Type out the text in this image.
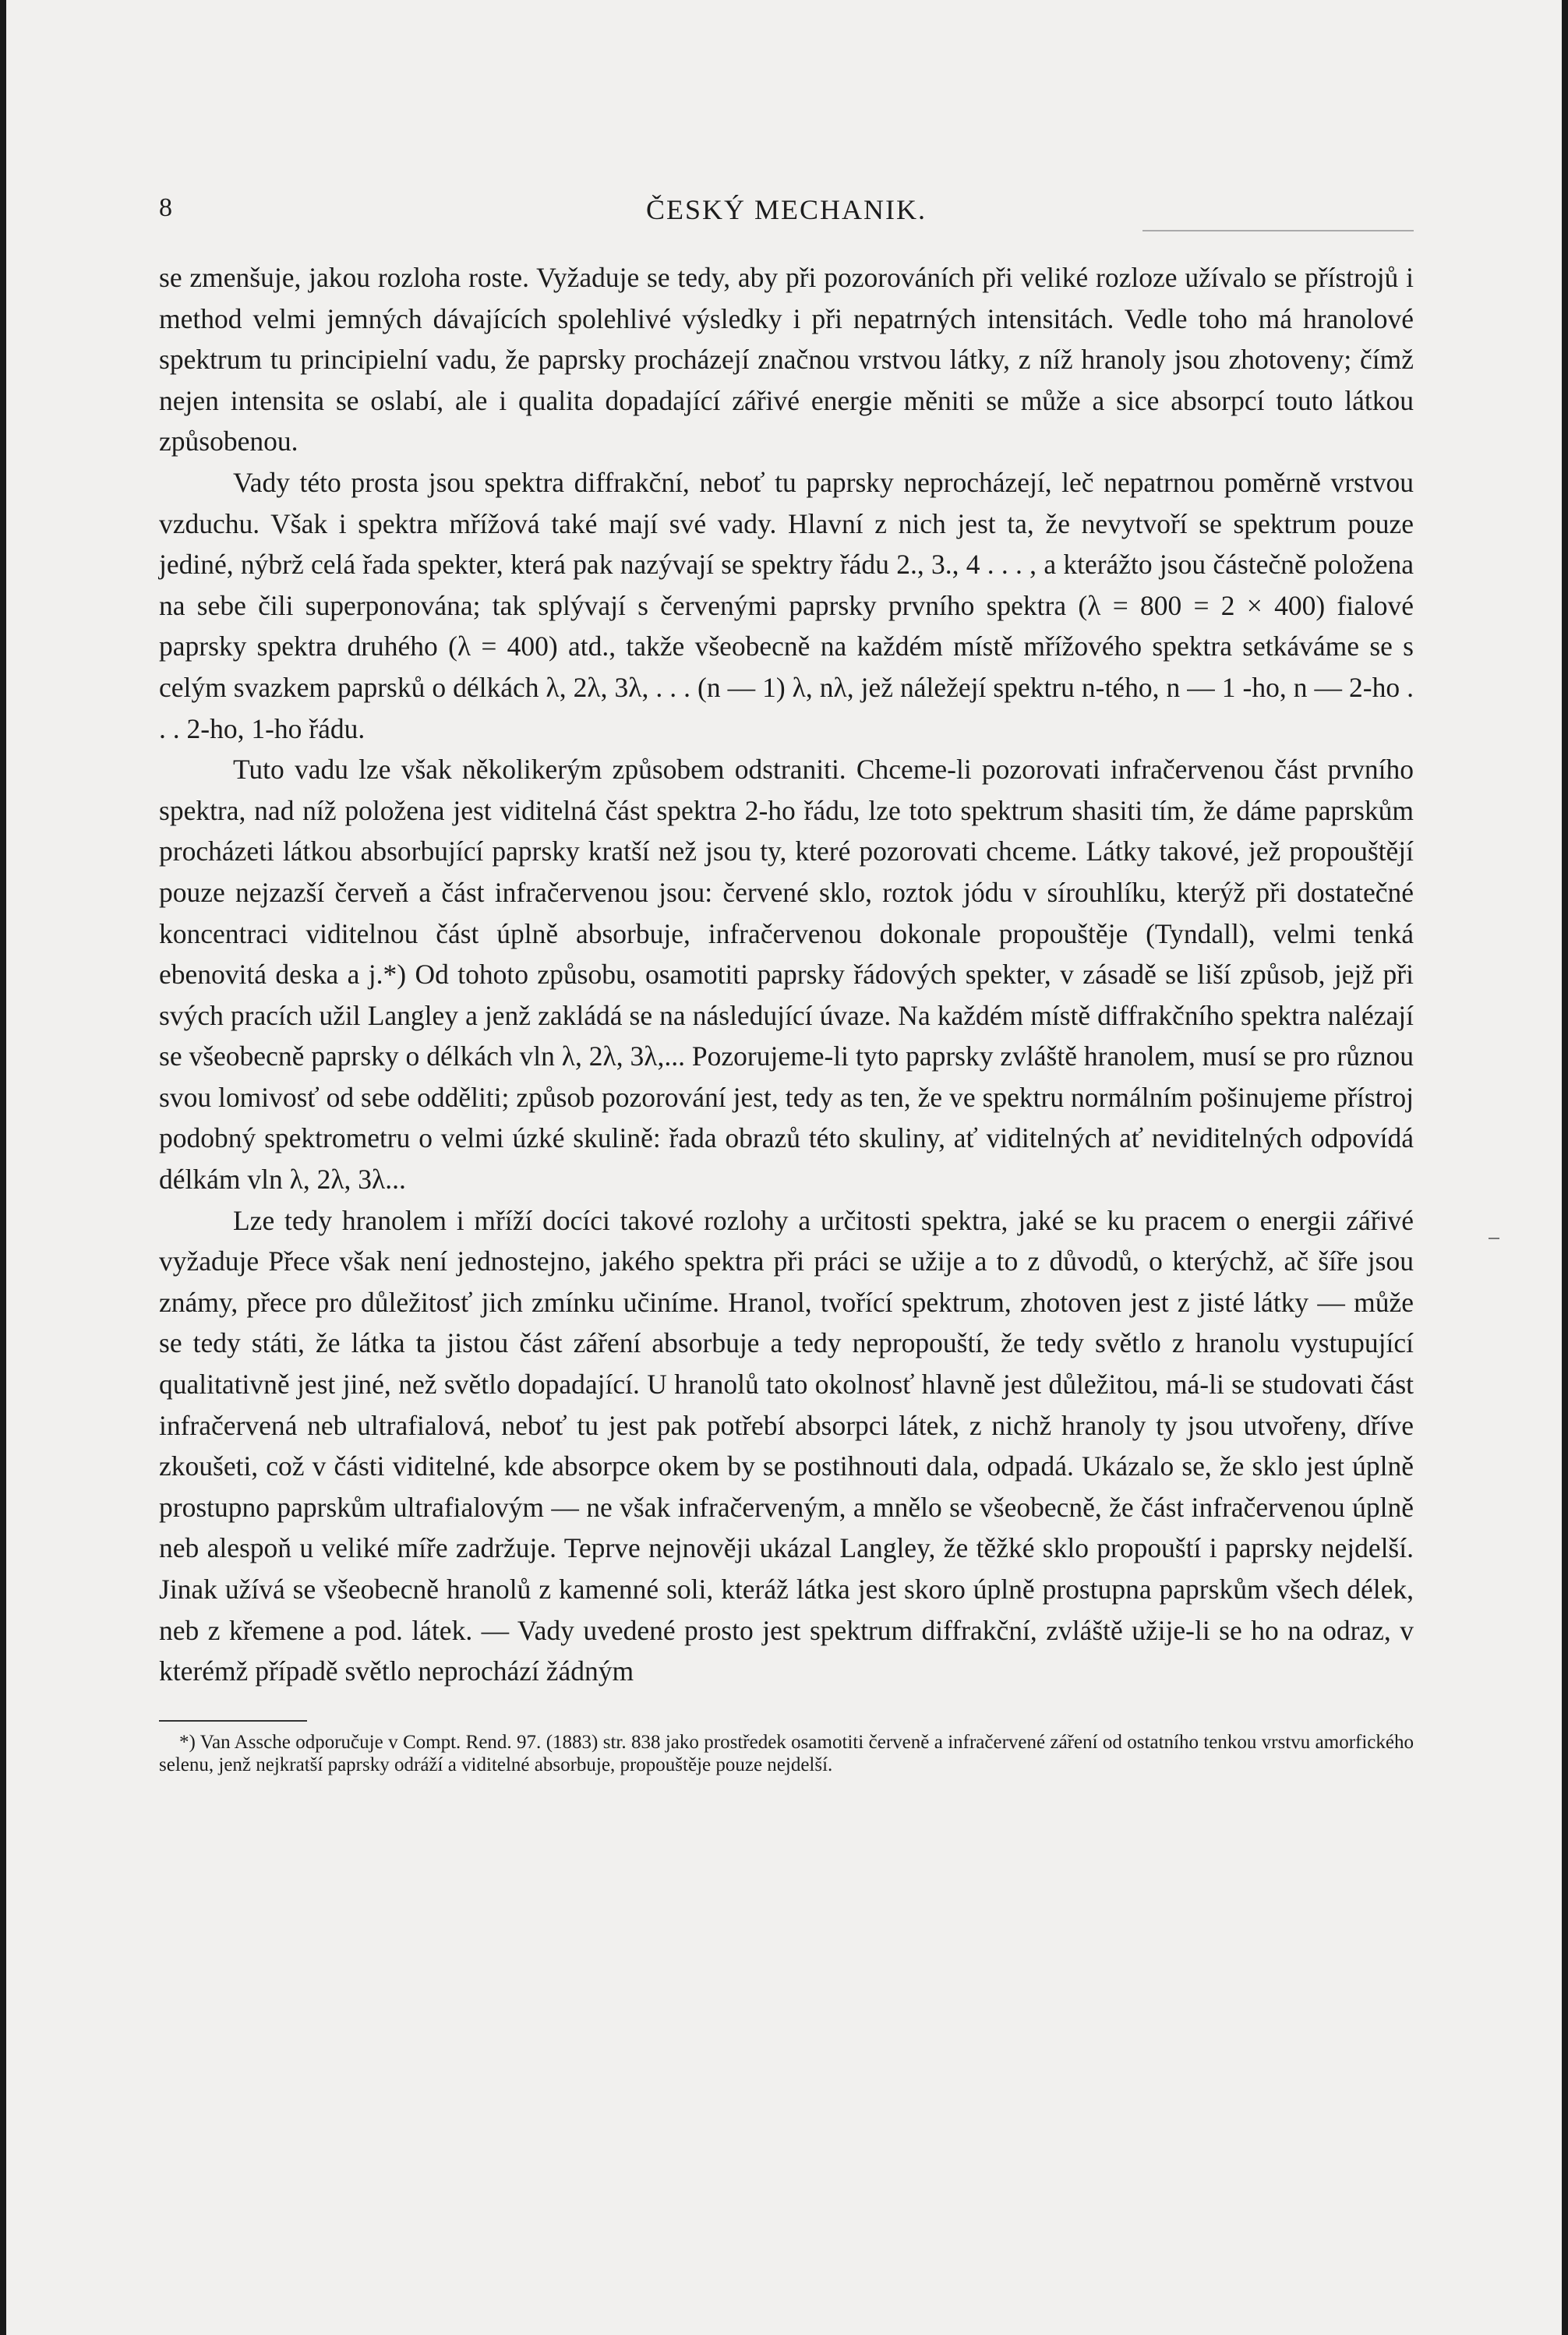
8	ČESKÝ MECHANIK.

se zmenšuje, jakou rozloha roste. Vyžaduje se tedy, aby při pozorováních při veliké rozloze užívalo se přístrojů i method velmi jemných dávajících spolehlivé výsledky i při nepatrných intensitách. Vedle toho má hranolové spektrum tu principielní vadu, že paprsky procházejí značnou vrstvou látky, z níž hranoly jsou zhotoveny; čímž nejen intensita se oslabí, ale i qualita dopadající zářivé energie měniti se může a sice absorpcí touto látkou způsobenou.

Vady této prosta jsou spektra diffrakční, neboť tu paprsky neprocházejí, leč nepatrnou poměrně vrstvou vzduchu. Však i spektra mřížová také mají své vady. Hlavní z nich jest ta, že nevytvoří se spektrum pouze jediné, nýbrž celá řada spekter, která pak nazývají se spektry řádu 2., 3., 4 . . . , a kterážto jsou částečně položena na sebe čili superponována; tak splývají s červenými paprsky prvního spektra (λ = 800 = 2 × 400) fialové paprsky spektra druhého (λ = 400) atd., takže všeobecně na každém místě mřížového spektra setkáváme se s celým svazkem paprsků o délkách λ, 2λ, 3λ, . . . (n — 1) λ, nλ, jež náležejí spektru n-tého, n — 1 -ho, n — 2-ho . . . 2-ho, 1-ho řádu.

Tuto vadu lze však několikerým způsobem odstraniti. Chceme-li pozorovati infračervenou část prvního spektra, nad níž položena jest viditelná část spektra 2-ho řádu, lze toto spektrum shasiti tím, že dáme paprskům procházeti látkou absorbující paprsky kratší než jsou ty, které pozorovati chceme. Látky takové, jež propouštějí pouze nejzazší červeň a část infračervenou jsou: červené sklo, roztok jódu v sírouhlíku, kterýž při dostatečné koncentraci viditelnou část úplně absorbuje, infračervenou dokonale propouštěje (Tyndall), velmi tenká ebenovitá deska a j.*) Od tohoto způsobu, osamotiti paprsky řádových spekter, v zásadě se liší způsob, jejž při svých pracích užil Langley a jenž zakládá se na následující úvaze. Na každém místě diffrakčního spektra nalézají se všeobecně paprsky o délkách vln λ, 2λ, 3λ,... Pozorujeme-li tyto paprsky zvláště hranolem, musí se pro různou svou lomivosť od sebe odděliti; způsob pozorování jest, tedy as ten, že ve spektru normálním pošinujeme přístroj podobný spektrometru o velmi úzké skulině: řada obrazů této skuliny, ať viditelných ať neviditelných odpovídá délkám vln λ, 2λ, 3λ...

Lze tedy hranolem i mříží docíci takové rozlohy a určitosti spektra, jaké se ku pracem o energii zářivé vyžaduje Přece však není jednostejno, jakého spektra při práci se užije a to z důvodů, o kterýchž, ač šíře jsou známy, přece pro důležitosť jich zmínku učiníme. Hranol, tvořící spektrum, zhotoven jest z jisté látky — může se tedy státi, že látka ta jistou část záření absorbuje a tedy nepropouští, že tedy světlo z hranolu vystupující qualitativně jest jiné, než světlo dopadající. U hranolů tato okolnosť hlavně jest důležitou, má-li se studovati část infračervená neb ultrafialová, neboť tu jest pak potřebí absorpci látek, z nichž hranoly ty jsou utvořeny, dříve zkoušeti, což v části viditelné, kde absorpce okem by se postihnouti dala, odpadá. Ukázalo se, že sklo jest úplně prostupno paprskům ultrafialovým — ne však infračerveným, a mnělo se všeobecně, že část infračervenou úplně neb alespoň u veliké míře zadržuje. Teprve nejnověji ukázal Langley, že těžké sklo propouští i paprsky nejdelší. Jinak užívá se všeobecně hranolů z kamenné soli, kteráž látka jest skoro úplně prostupna paprskům všech délek, neb z křemene a pod. látek. — Vady uvedené prosto jest spektrum diffrakční, zvláště užije-li se ho na odraz, v kterémž případě světlo neprochází žádným

*) Van Assche odporučuje v Compt. Rend. 97. (1883) str. 838 jako prostředek osamotiti červeně a infračervené záření od ostatního tenkou vrstvu amorfického selenu, jenž nejkratší paprsky odráží a viditelné absorbuje, propouštěje pouze nejdelší.
